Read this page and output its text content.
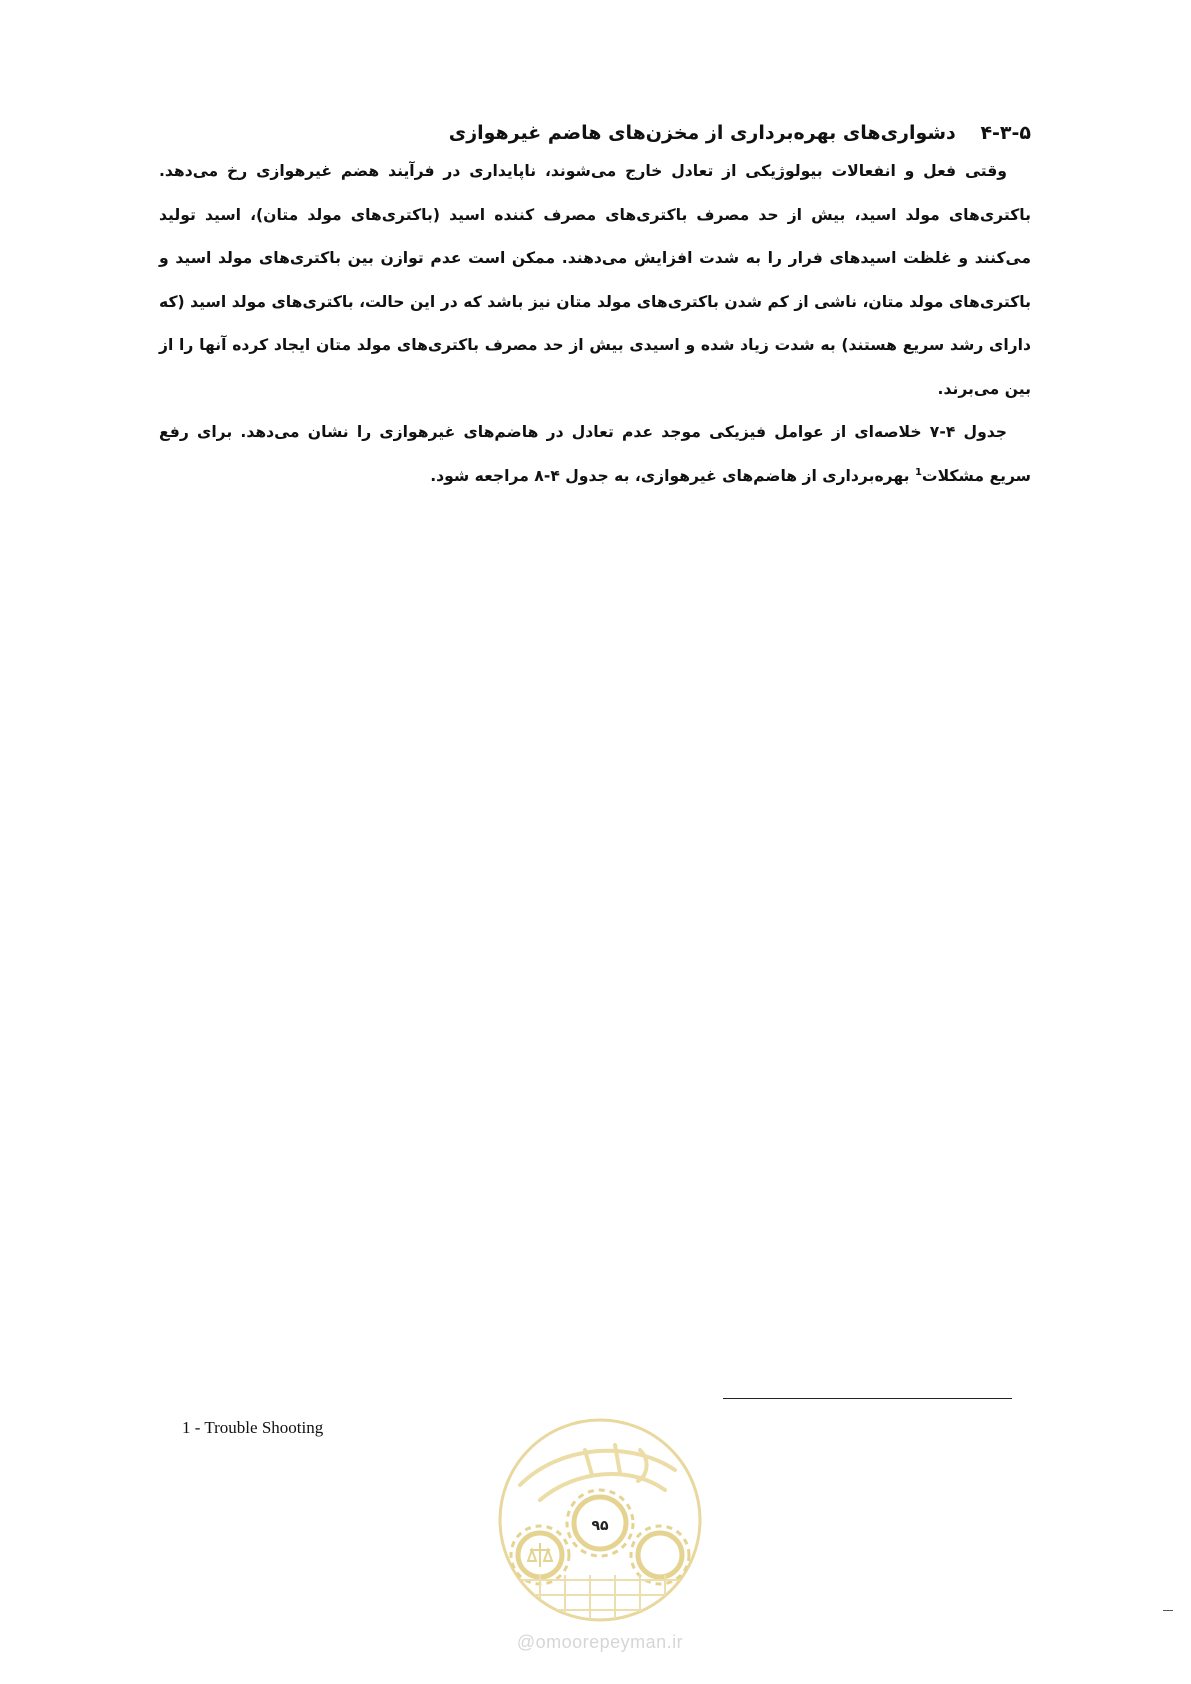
۴-۳-۵ دشواری‌های بهره‌برداری از مخزن‌های هاضم غیرهوازی

وقتی فعل و انفعالات بیولوژیکی از تعادل خارج می‌شوند، ناپایداری در فرآیند هضم غیرهوازی رخ می‌دهد. باکتری‌های مولد اسید، بیش از حد مصرف باکتری‌های مصرف کننده اسید (باکتری‌های مولد متان)، اسید تولید می‌کنند و غلظت اسیدهای فرار را به شدت افزایش می‌دهند. ممکن است عدم توازن بین باکتری‌های مولد اسید و باکتری‌های مولد متان، ناشی از کم شدن باکتری‌های مولد متان نیز باشد که در این حالت، باکتری‌های مولد اسید (که دارای رشد سریع هستند) به شدت زیاد شده و اسیدی بیش از حد مصرف باکتری‌های مولد متان ایجاد کرده آنها را از بین می‌برند.

جدول ۴-۷ خلاصه‌ای از عوامل فیزیکی موجد عدم تعادل در هاضم‌های غیرهوازی را نشان می‌دهد. برای رفع سریع مشکلات$^1$ بهره‌برداری از هاضم‌های غیرهوازی، به جدول ۴-۸ مراجعه شود.

1 - Trouble Shooting
۹۵
@omoorepeyman.ir
